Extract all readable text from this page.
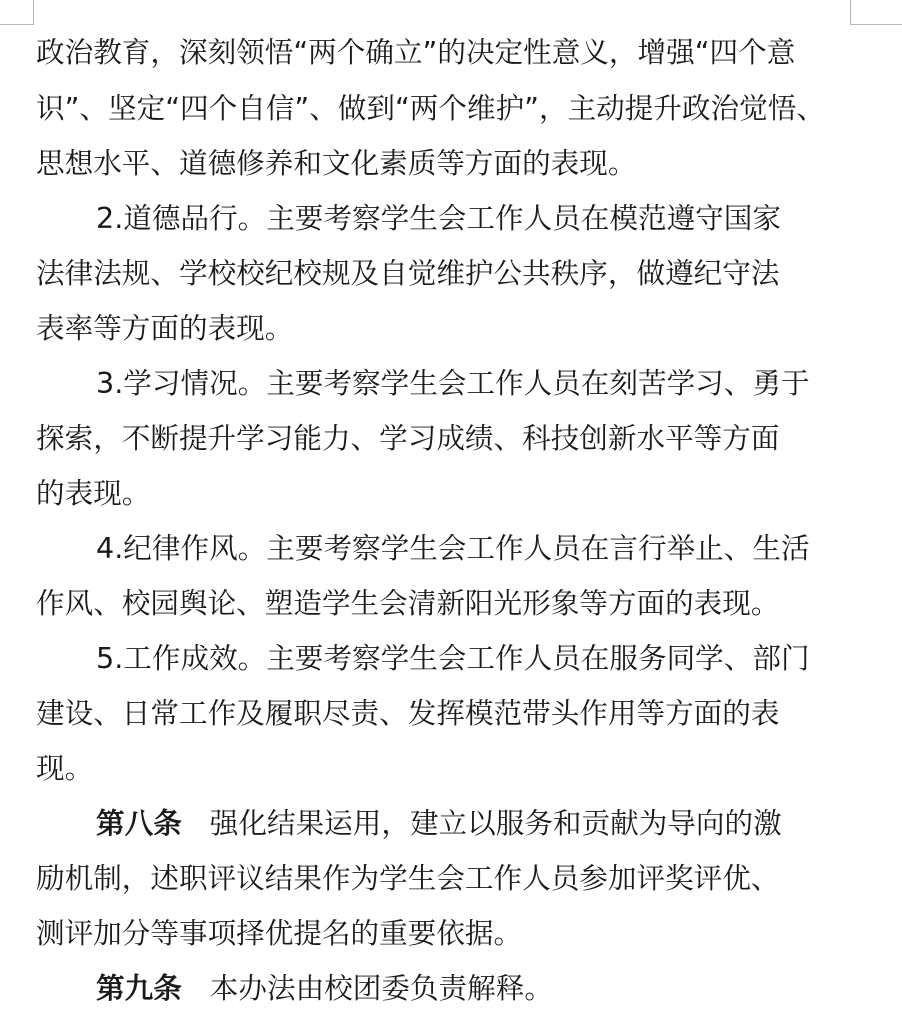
政治教育，深刻领悟“两个确立”的决定性意义，增强“四个意
识”、坚定“四个自信”、做到“两个维护”，主动提升政治觉悟、
思想水平、道德修养和文化素质等方面的表现。
2.道德品行。主要考察学生会工作人员在模范遵守国家
法律法规、学校校纪校规及自觉维护公共秩序，做遵纪守法
表率等方面的表现。
3.学习情况。主要考察学生会工作人员在刻苦学习、勇于
探索，不断提升学习能力、学习成绩、科技创新水平等方面
的表现。
4.纪律作风。主要考察学生会工作人员在言行举止、生活
作风、校园舆论、塑造学生会清新阳光形象等方面的表现。
5.工作成效。主要考察学生会工作人员在服务同学、部门
建设、日常工作及履职尽责、发挥模范带头作用等方面的表
现。
第八条 强化结果运用，建立以服务和贡献为导向的激
励机制，述职评议结果作为学生会工作人员参加评奖评优、
测评加分等事项择优提名的重要依据。
第九条 本办法由校团委负责解释。
